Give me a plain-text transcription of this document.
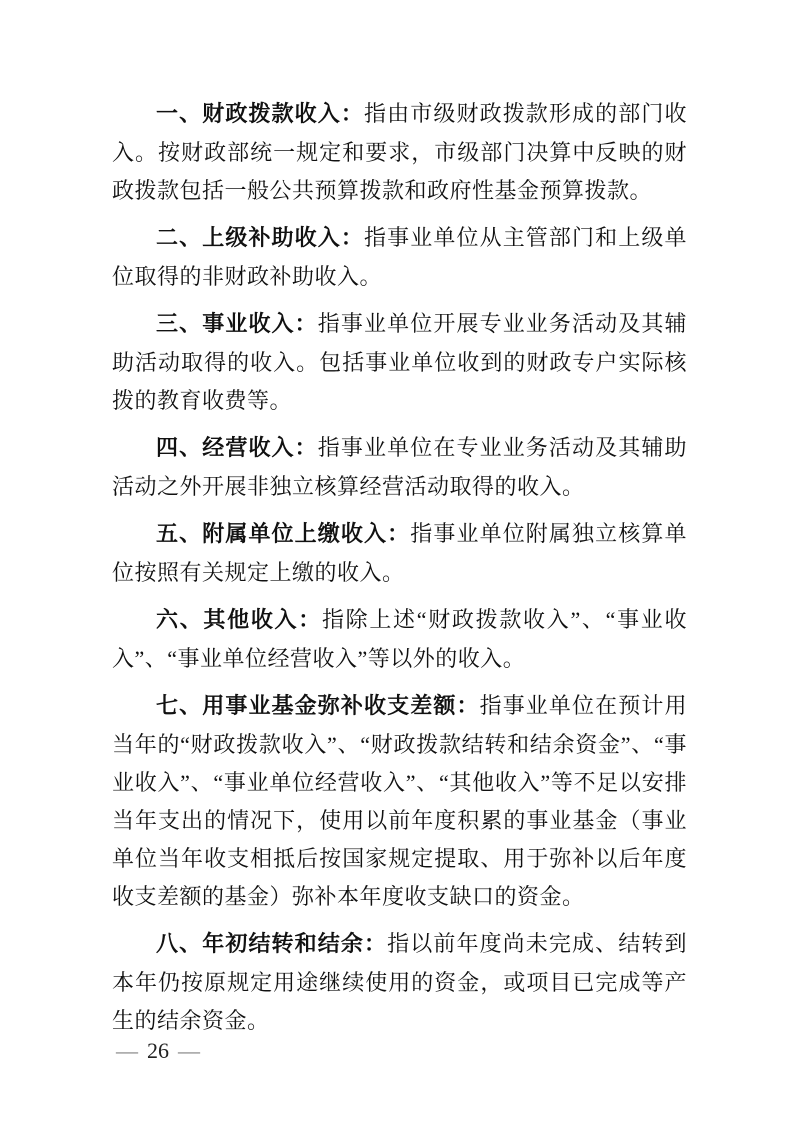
一、财政拨款收入：指由市级财政拨款形成的部门收入。按财政部统一规定和要求，市级部门决算中反映的财政拨款包括一般公共预算拨款和政府性基金预算拨款。

二、上级补助收入：指事业单位从主管部门和上级单位取得的非财政补助收入。

三、事业收入：指事业单位开展专业业务活动及其辅助活动取得的收入。包括事业单位收到的财政专户实际核拨的教育收费等。

四、经营收入：指事业单位在专业业务活动及其辅助活动之外开展非独立核算经营活动取得的收入。

五、附属单位上缴收入：指事业单位附属独立核算单位按照有关规定上缴的收入。

六、其他收入：指除上述“财政拨款收入”、“事业收入”、“事业单位经营收入”等以外的收入。

七、用事业基金弥补收支差额：指事业单位在预计用当年的“财政拨款收入”、“财政拨款结转和结余资金”、“事业收入”、“事业单位经营收入”、“其他收入”等不足以安排当年支出的情况下，使用以前年度积累的事业基金（事业单位当年收支相抵后按国家规定提取、用于弥补以后年度收支差额的基金）弥补本年度收支缺口的资金。

八、年初结转和结余：指以前年度尚未完成、结转到本年仍按原规定用途继续使用的资金，或项目已完成等产生的结余资金。

— 26 —
